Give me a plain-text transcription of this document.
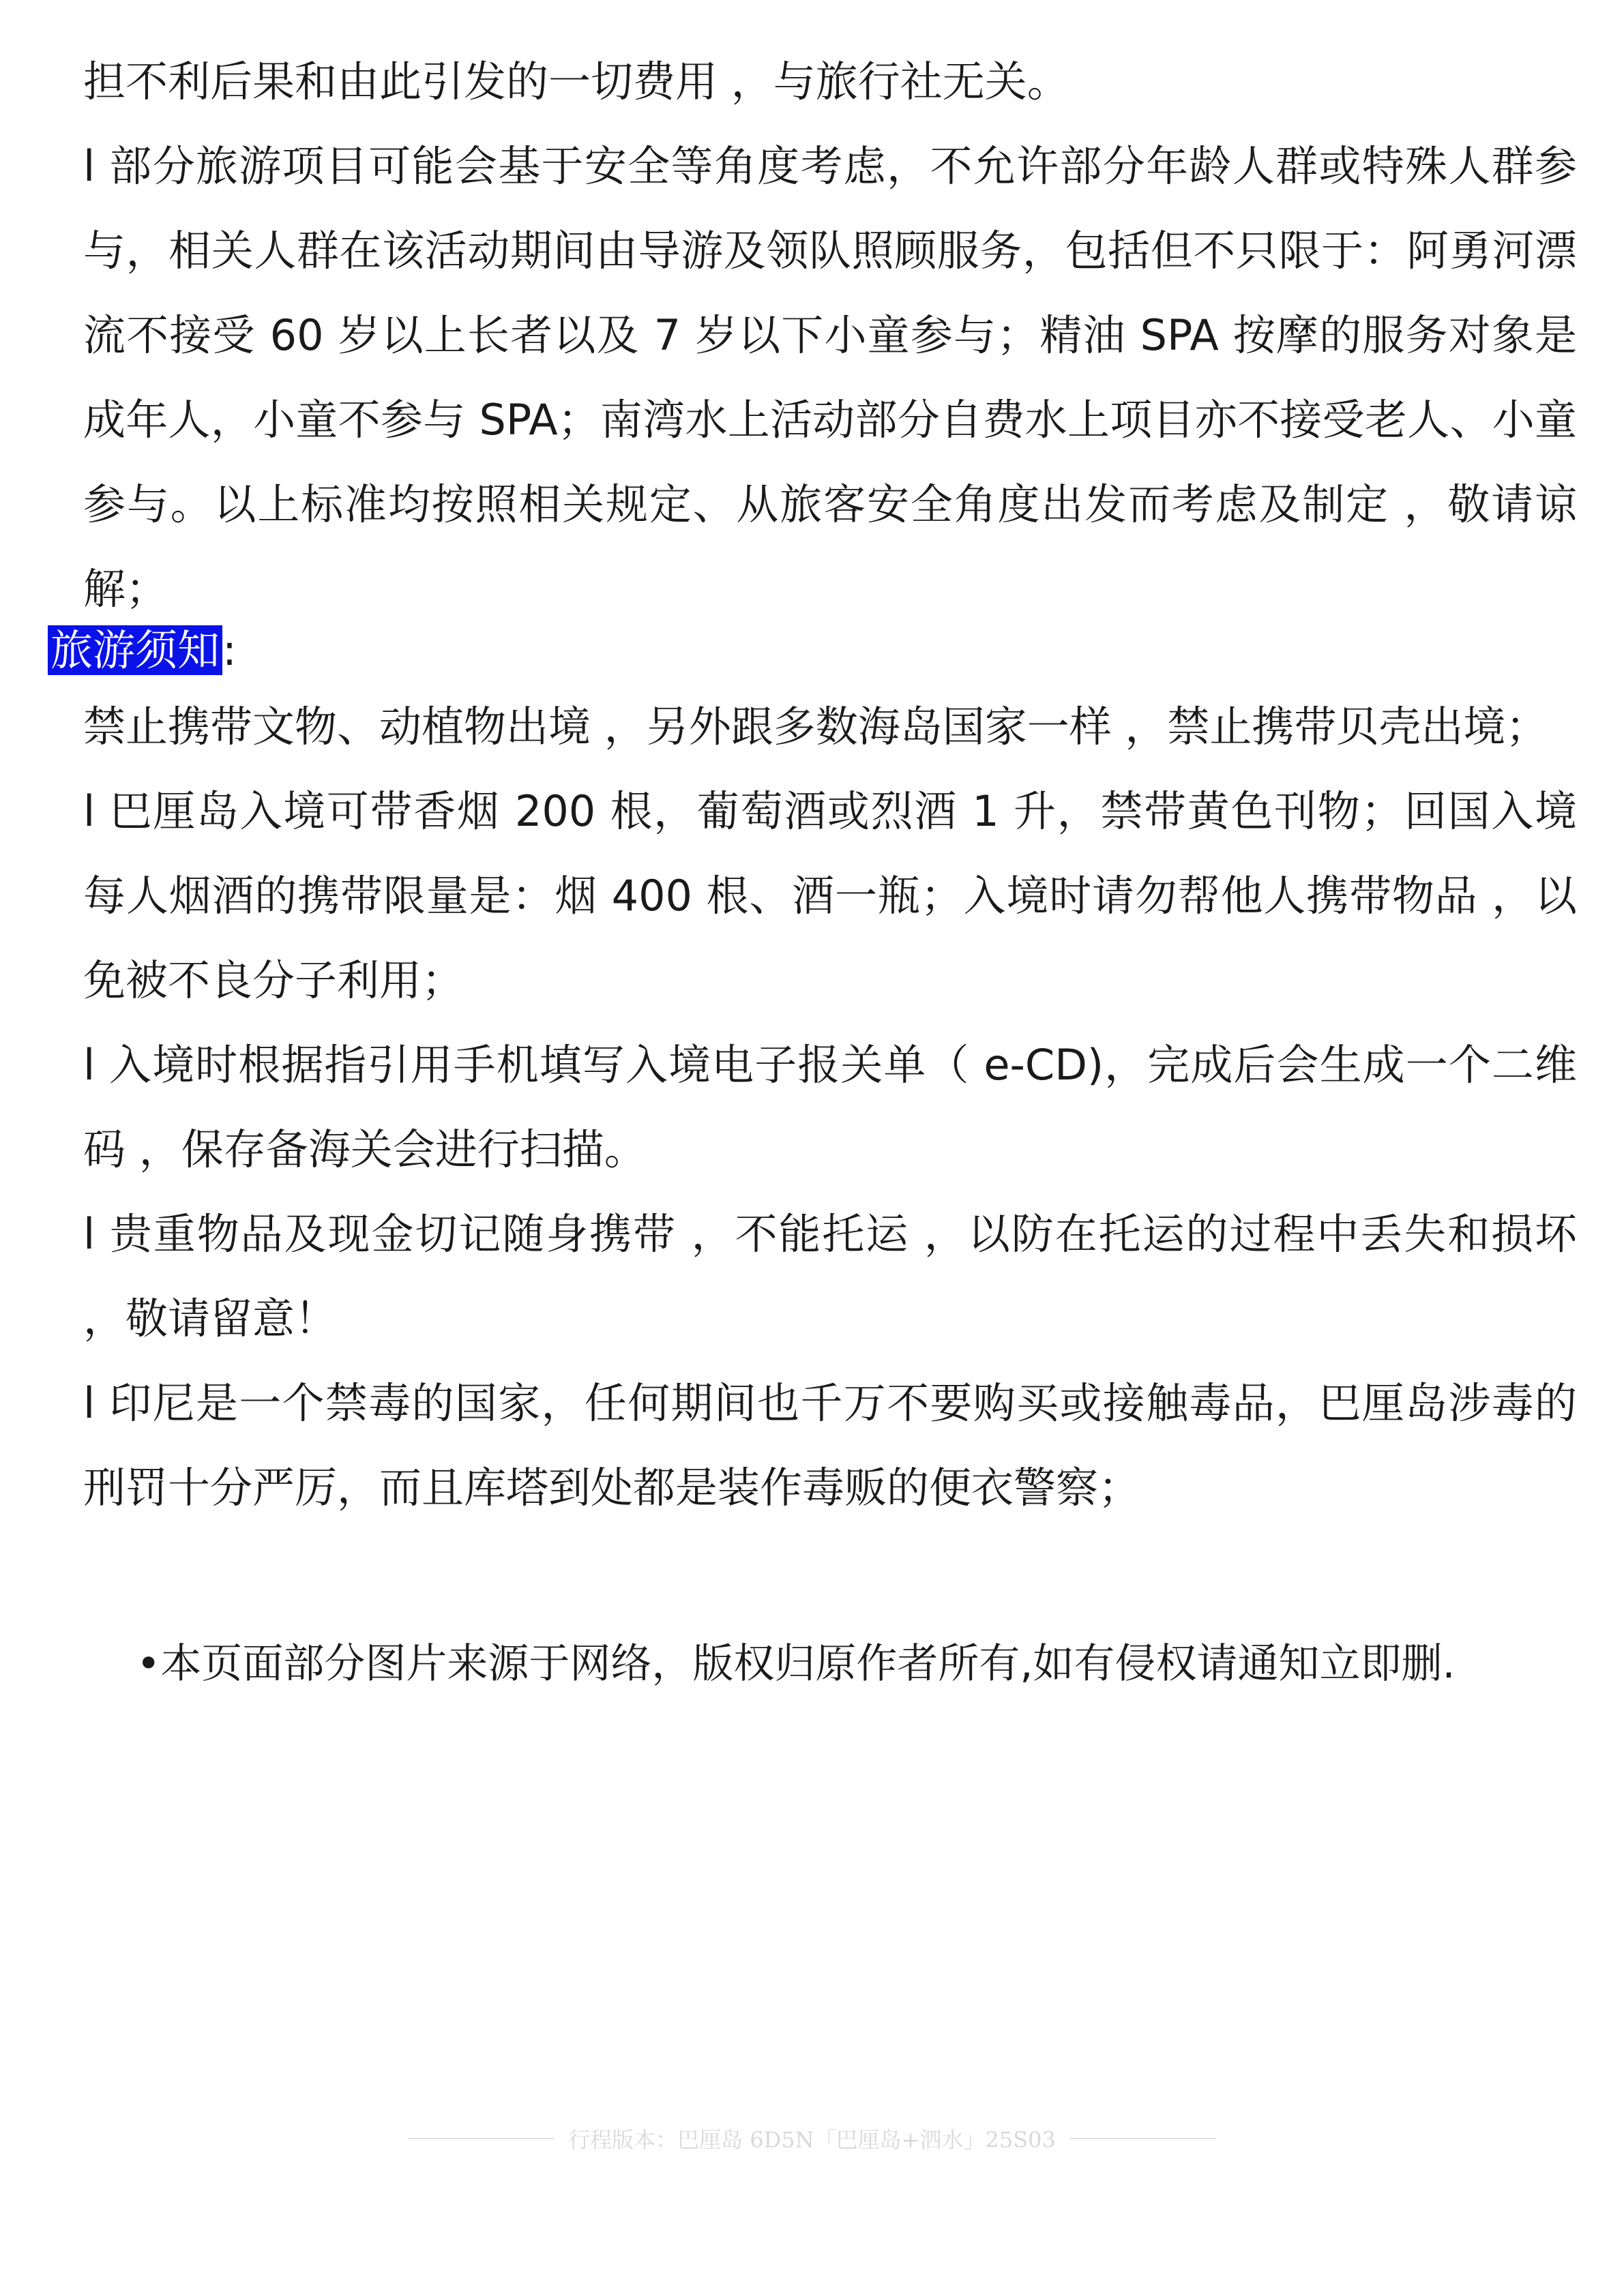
担不利后果和由此引发的一切费用 ，与旅行社无关。

l 部分旅游项目可能会基于安全等角度考虑，不允许部分年龄人群或特殊人群参与，相关人群在该活动期间由导游及领队照顾服务，包括但不只限于：阿勇河漂流不接受 60 岁以上长者以及 7 岁以下小童参与；精油 SPA 按摩的服务对象是成年人，小童不参与 SPA；南湾水上活动部分自费水上项目亦不接受老人、小童参与。以上标准均按照相关规定、从旅客安全角度出发而考虑及制定 ，敬请谅解；

旅游须知:

禁止携带文物、动植物出境 ，另外跟多数海岛国家一样 ，禁止携带贝壳出境；

l 巴厘岛入境可带香烟 200 根，葡萄酒或烈酒 1 升，禁带黄色刊物；回国入境每人烟酒的携带限量是：烟 400 根、酒一瓶；入境时请勿帮他人携带物品 ，以免被不良分子利用；

l 入境时根据指引用手机填写入境电子报关单（ e-CD)，完成后会生成一个二维码 ，保存备海关会进行扫描。

l 贵重物品及现金切记随身携带 ，不能托运 ，以防在托运的过程中丢失和损坏 ，敬请留意！

l 印尼是一个禁毒的国家，任何期间也千万不要购买或接触毒品，巴厘岛涉毒的刑罚十分严厉，而且库塔到处都是装作毒贩的便衣警察；

•本页面部分图片来源于网络，版权归原作者所有,如有侵权请通知立即删.
行程版本：巴厘岛 6D5N「巴厘岛+泗水」25S03
